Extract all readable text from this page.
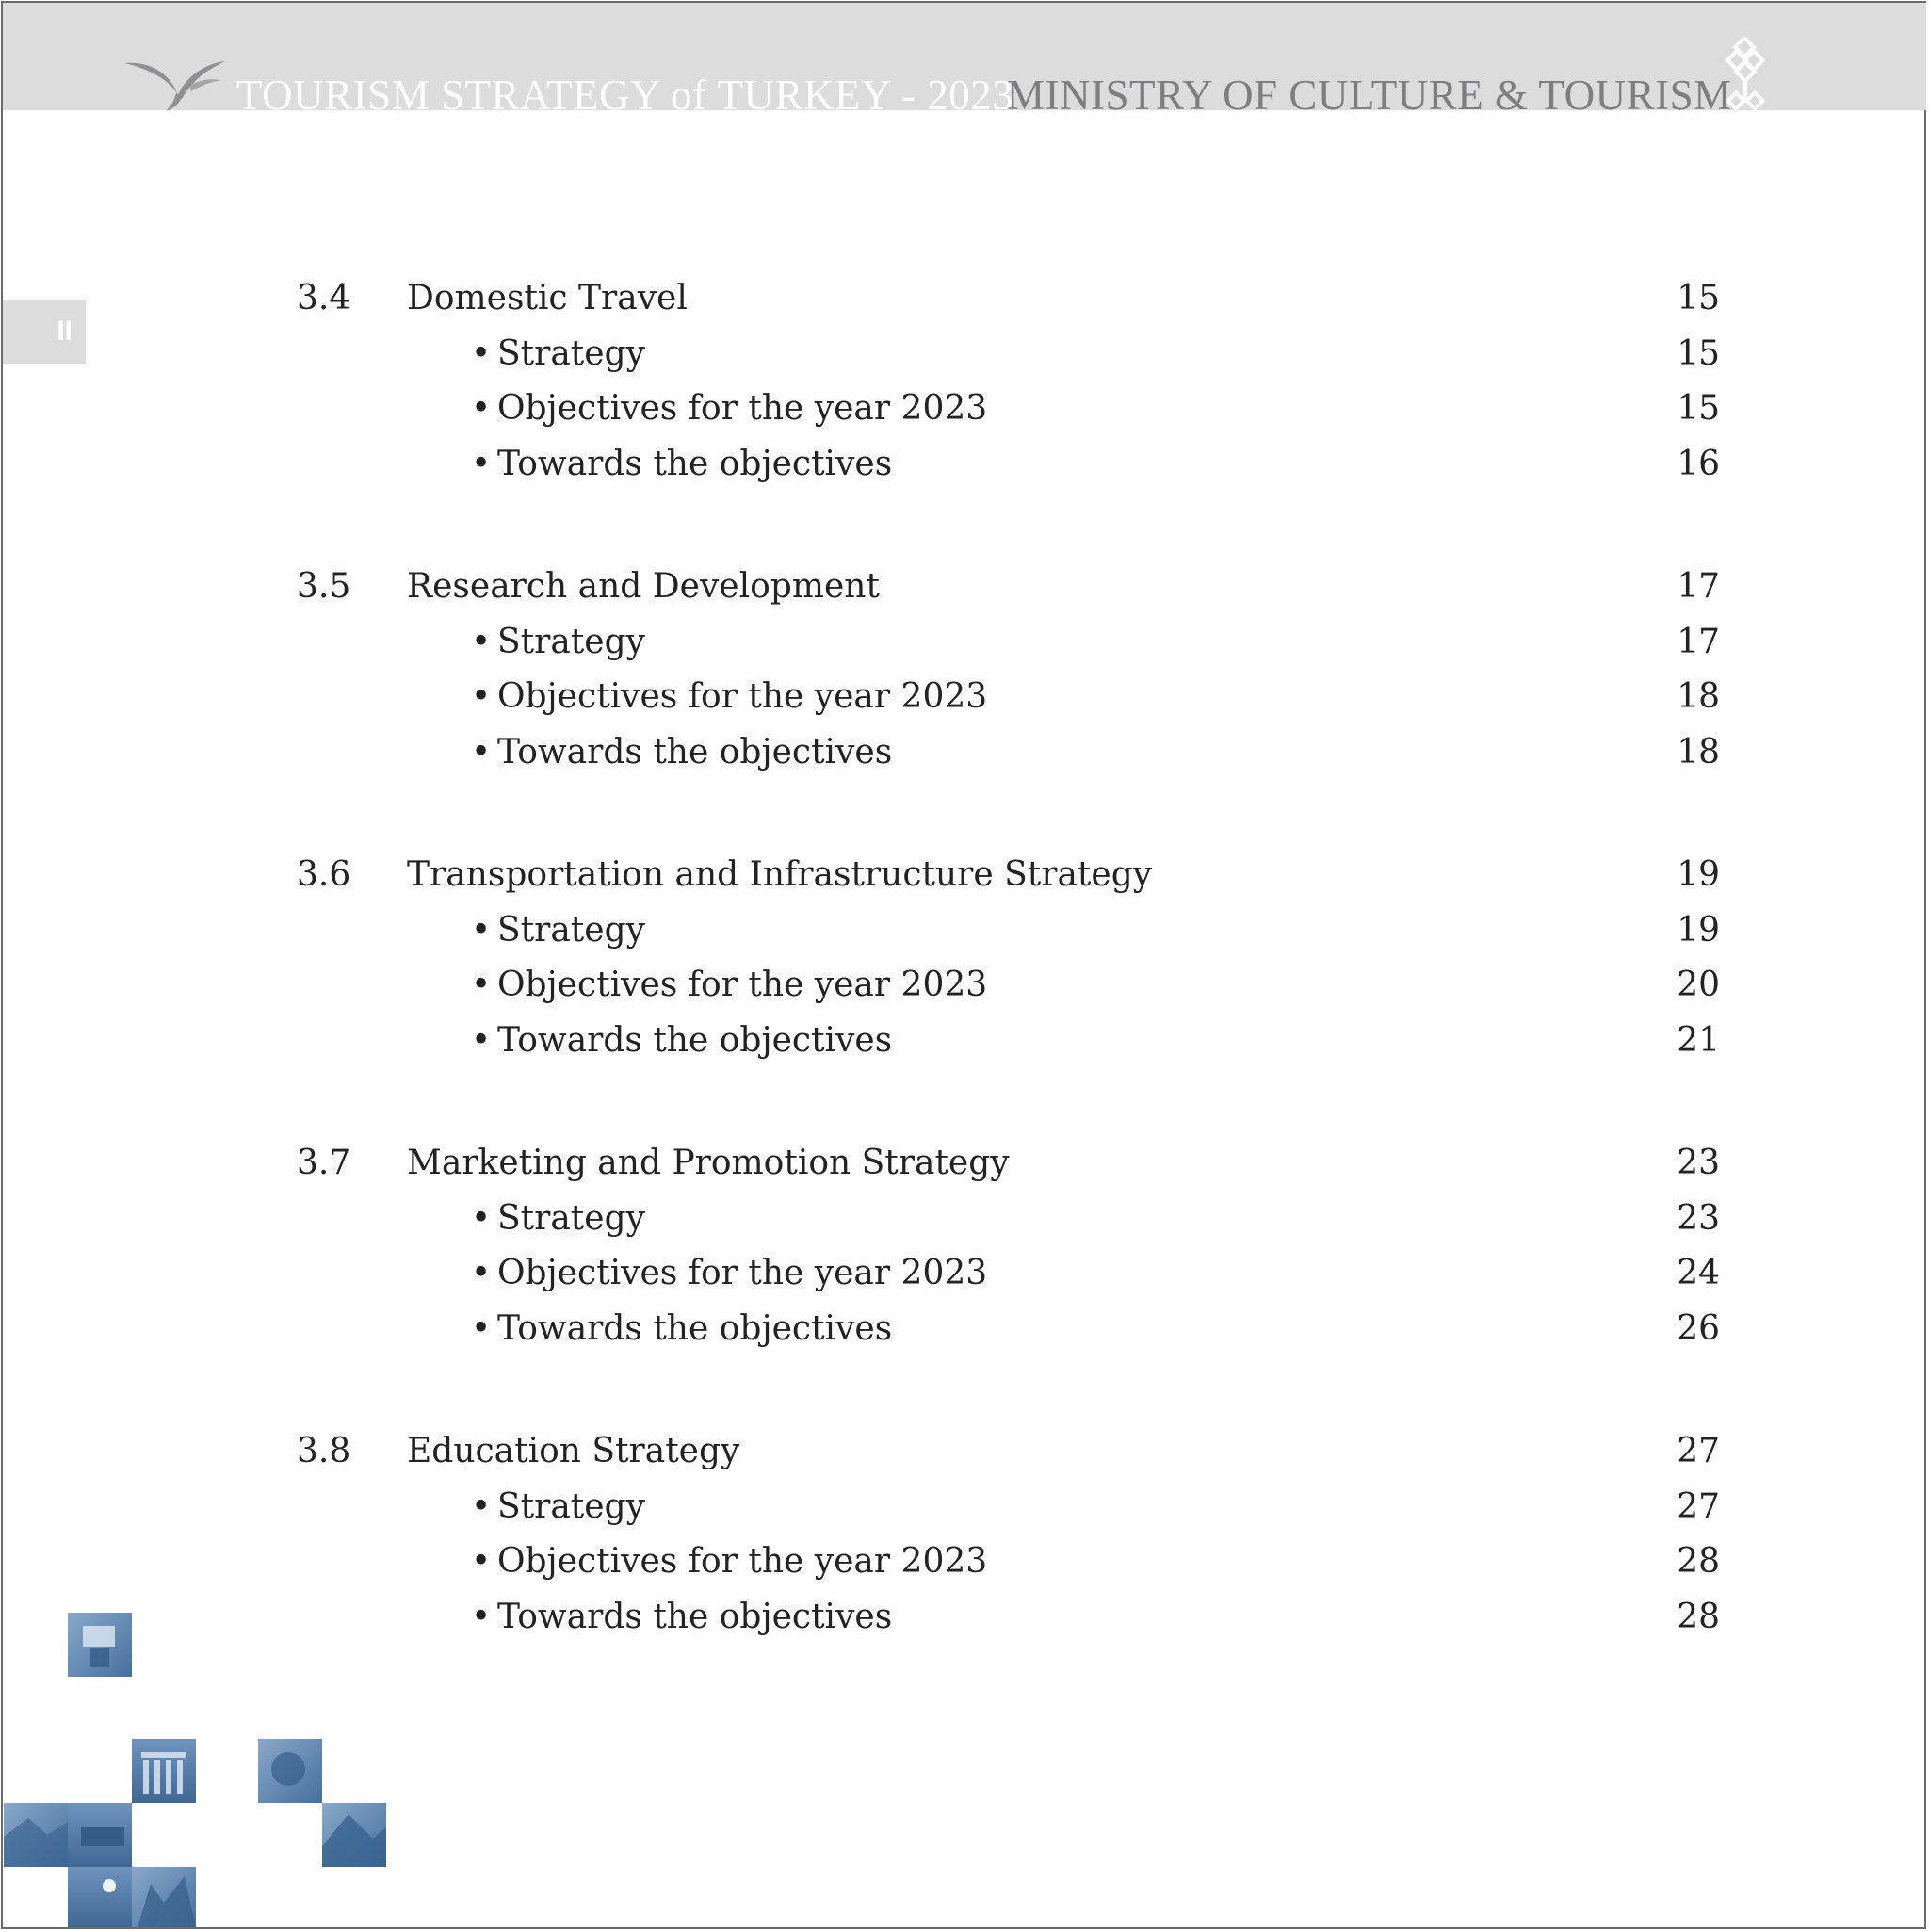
TOURISM STRATEGY of TURKEY - 2023
MINISTRY OF CULTURE & TOURISM
II
3.4 Domestic Travel	15
• Strategy	15
• Objectives for the year 2023	15
• Towards the objectives	16
3.5 Research and Development	17
• Strategy	17
• Objectives for the year 2023	18
• Towards the objectives	18
3.6 Transportation and Infrastructure Strategy	19
• Strategy	19
• Objectives for the year 2023	20
• Towards the objectives	21
3.7 Marketing and Promotion Strategy	23
• Strategy	23
• Objectives for the year 2023	24
• Towards the objectives	26
3.8 Education Strategy	27
• Strategy	27
• Objectives for the year 2023	28
• Towards the objectives	28
